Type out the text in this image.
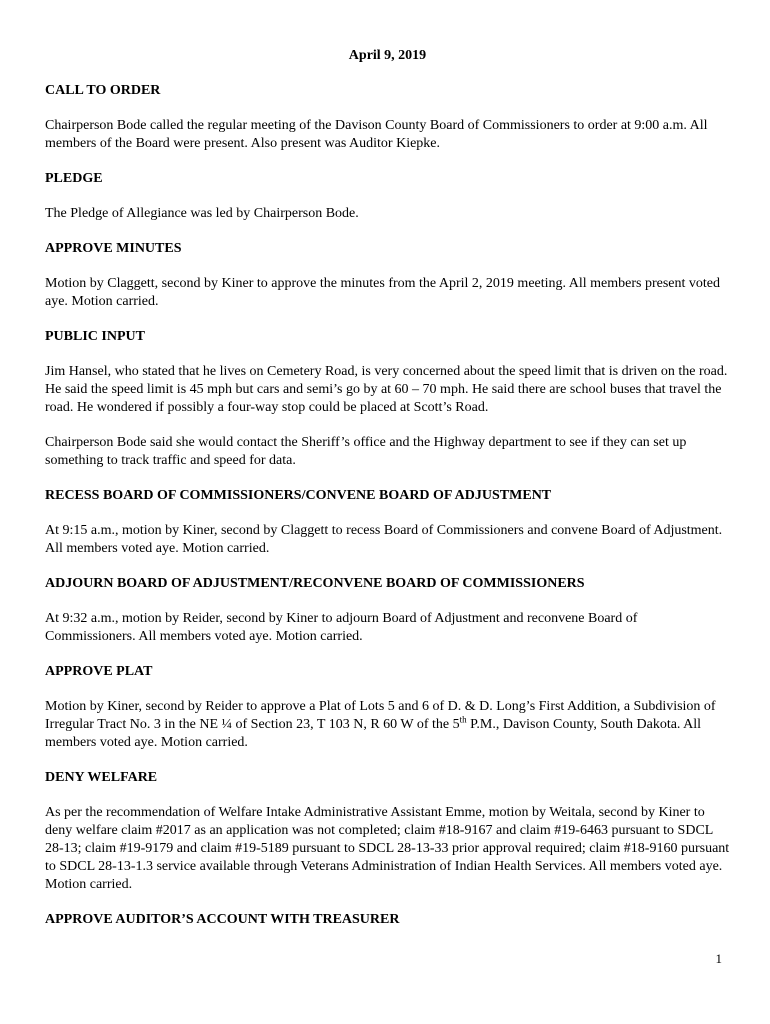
April 9, 2019
CALL TO ORDER
Chairperson Bode called the regular meeting of the Davison County Board of Commissioners to order at 9:00 a.m. All members of the Board were present. Also present was Auditor Kiepke.
PLEDGE
The Pledge of Allegiance was led by Chairperson Bode.
APPROVE MINUTES
Motion by Claggett, second by Kiner to approve the minutes from the April 2, 2019 meeting. All members present voted aye. Motion carried.
PUBLIC INPUT
Jim Hansel, who stated that he lives on Cemetery Road, is very concerned about the speed limit that is driven on the road. He said the speed limit is 45 mph but cars and semi’s go by at 60 – 70 mph. He said there are school buses that travel the road. He wondered if possibly a four-way stop could be placed at Scott’s Road.
Chairperson Bode said she would contact the Sheriff’s office and the Highway department to see if they can set up something to track traffic and speed for data.
RECESS BOARD OF COMMISSIONERS/CONVENE BOARD OF ADJUSTMENT
At 9:15 a.m., motion by Kiner, second by Claggett to recess Board of Commissioners and convene Board of Adjustment. All members voted aye. Motion carried.
ADJOURN BOARD OF ADJUSTMENT/RECONVENE BOARD OF COMMISSIONERS
At 9:32 a.m., motion by Reider, second by Kiner to adjourn Board of Adjustment and reconvene Board of Commissioners. All members voted aye. Motion carried.
APPROVE PLAT
Motion by Kiner, second by Reider to approve a Plat of Lots 5 and 6 of D. & D. Long’s First Addition, a Subdivision of Irregular Tract No. 3 in the NE ¼ of Section 23, T 103 N, R 60 W of the 5th P.M., Davison County, South Dakota. All members voted aye. Motion carried.
DENY WELFARE
As per the recommendation of Welfare Intake Administrative Assistant Emme, motion by Weitala, second by Kiner to deny welfare claim #2017 as an application was not completed; claim #18-9167 and claim #19-6463 pursuant to SDCL 28-13; claim #19-9179 and claim #19-5189 pursuant to SDCL 28-13-33 prior approval required; claim #18-9160 pursuant to SDCL 28-13-1.3 service available through Veterans Administration of Indian Health Services. All members voted aye. Motion carried.
APPROVE AUDITOR’S ACCOUNT WITH TREASURER
1
